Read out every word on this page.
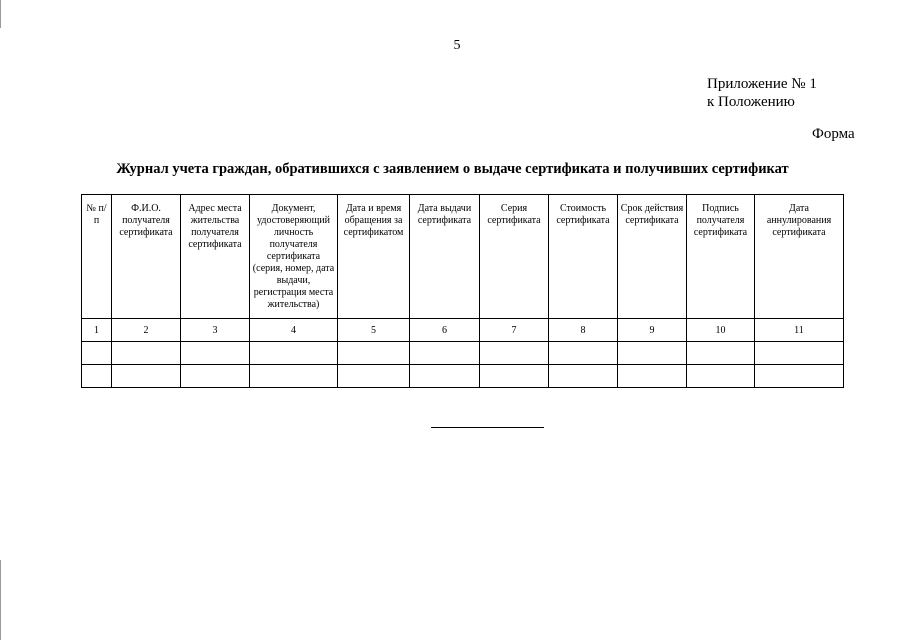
5
Приложение № 1
к Положению
Форма
Журнал учета граждан, обратившихся с заявлением о выдаче сертификата и получивших сертификат
№ п/п	Ф.И.О. получателя сертификата	Адрес места жительства получателя сертификата	Документ, удостоверяющий личность получателя сертификата (серия, номер, дата выдачи, регистрация места жительства)	Дата и время обращения за сертификатом	Дата выдачи сертификата	Серия сертификата	Стоимость сертификата	Срок действия сертификата	Подпись получателя сертификата	Дата аннулирования сертификата
1	2	3	4	5	6	7	8	9	10	11
